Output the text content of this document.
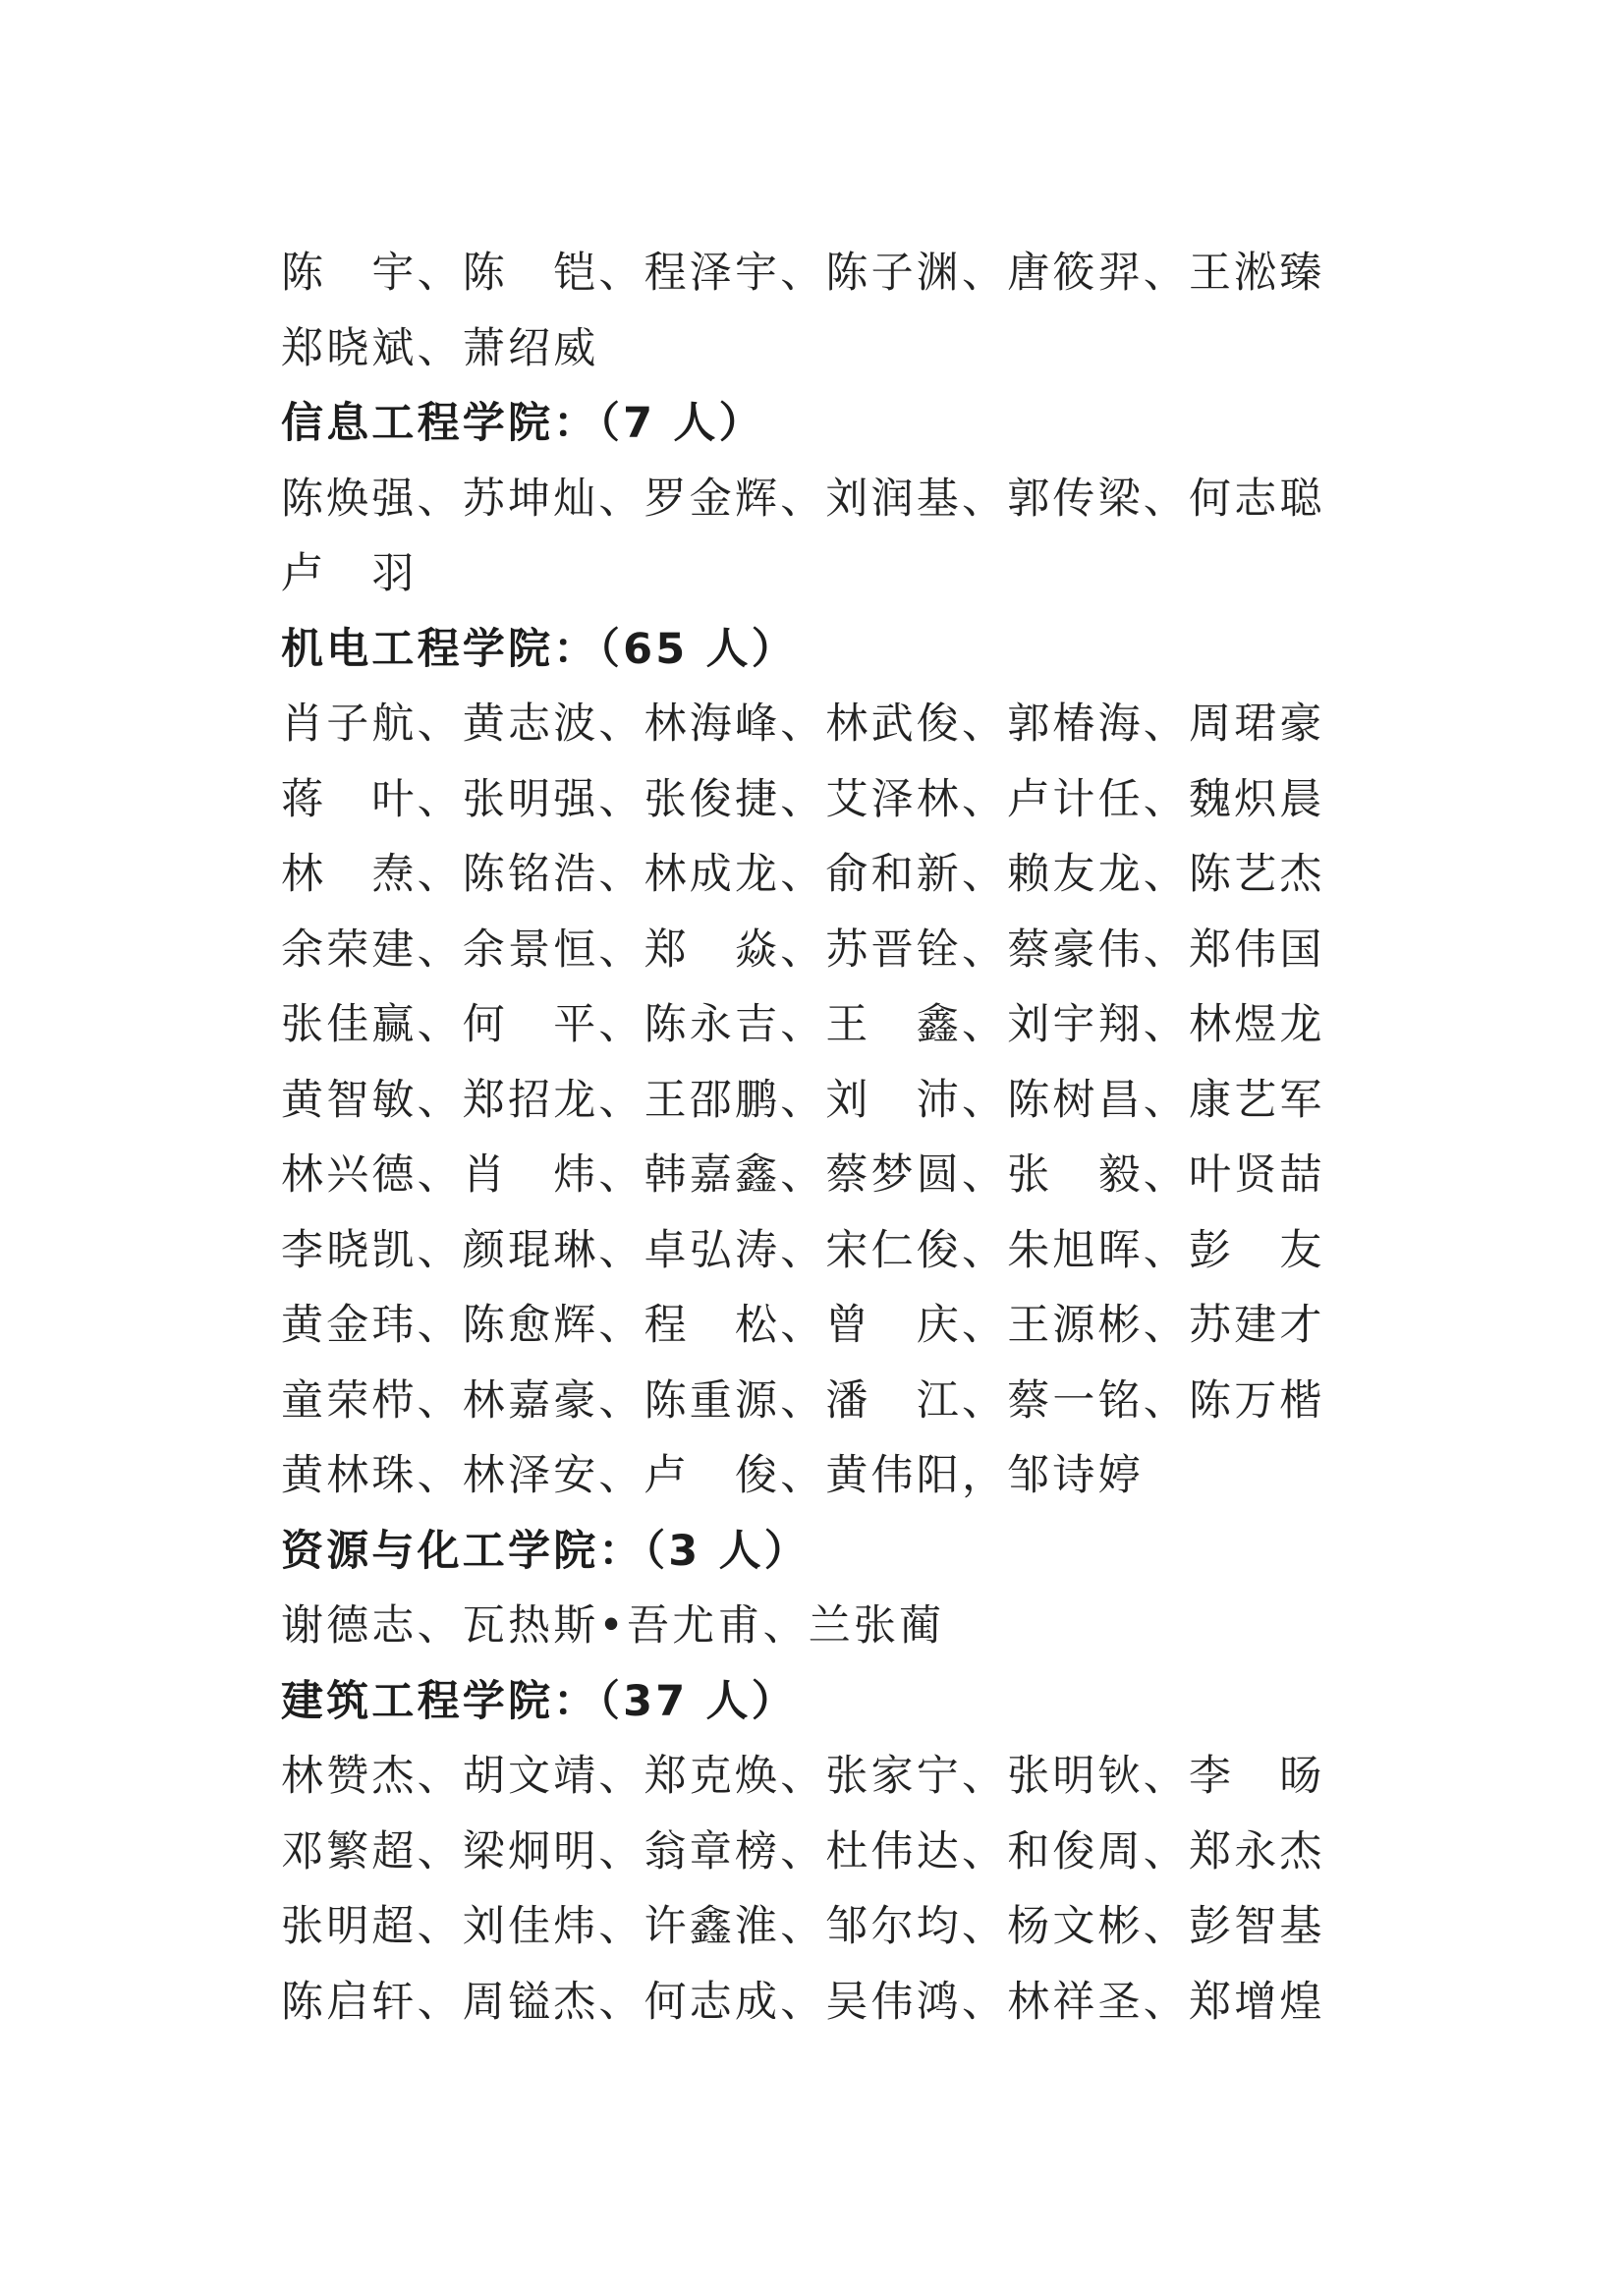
陈　宇、陈　铠、程泽宇、陈子渊、唐筱羿、王淞臻
郑晓斌、萧绍威
信息工程学院：（7 人）
陈焕强、苏坤灿、罗金辉、刘润基、郭传梁、何志聪
卢　羽
机电工程学院：（65 人）
肖子航、黄志波、林海峰、林武俊、郭椿海、周珺豪
蒋　叶、张明强、张俊捷、艾泽林、卢计任、魏炽晨
林　焘、陈铭浩、林成龙、俞和新、赖友龙、陈艺杰
余荣建、余景恒、郑　焱、苏晋铨、蔡豪伟、郑伟国
张佳赢、何　平、陈永吉、王　鑫、刘宇翔、林煜龙
黄智敏、郑招龙、王邵鹏、刘　沛、陈树昌、康艺军
林兴德、肖　炜、韩嘉鑫、蔡梦圆、张　毅、叶贤喆
李晓凯、颜琨琳、卓弘涛、宋仁俊、朱旭晖、彭　友
黄金玮、陈愈辉、程　松、曾　庆、王源彬、苏建才
童荣栉、林嘉豪、陈重源、潘　江、蔡一铭、陈万楷
黄林珠、林泽安、卢　俊、黄伟阳，邹诗婷
资源与化工学院：（3 人）
谢德志、瓦热斯•吾尤甫、兰张蔺
建筑工程学院：（37 人）
林赞杰、胡文靖、郑克焕、张家宁、张明钬、李　旸
邓繁超、梁炯明、翁章榜、杜伟达、和俊周、郑永杰
张明超、刘佳炜、许鑫淮、邹尔均、杨文彬、彭智基
陈启轩、周镒杰、何志成、吴伟鸿、林祥圣、郑增煌
